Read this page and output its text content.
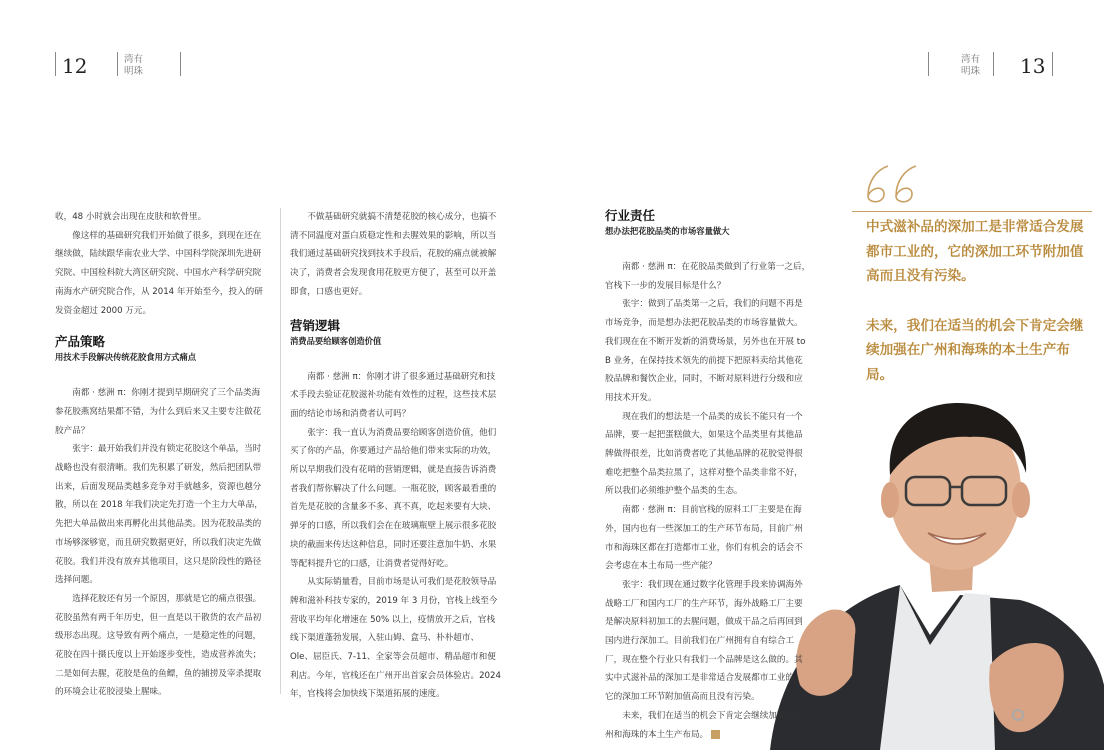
12	湾有
明珠
湾有
明珠 13

收，48 小时就会出现在皮肤和软骨里。

像这样的基础研究我们开始做了很多，到现在还在继续做，陆续跟华南农业大学、中国科学院深圳先进研究院、中国检科院大湾区研究院、中国水产科学研究院南海水产研究院合作，从 2014 年开始至今，投入的研发资金超过 2000 万元。

产品策略
用技术手段解决传统花胶食用方式痛点

南都 · 慈洲 π：你刚才提到早期研究了三个品类海参花胶燕窝结果都不错，为什么到后来又主要专注做花胶产品？

张宇：最开始我们并没有锁定花胶这个单品，当时战略也没有很清晰。我们先积累了研发，然后把团队带出来，后面发现品类越多竞争对手就越多，资源也越分散，所以在 2018 年我们决定先打造一个主力大单品，先把大单品做出来再孵化出其他品类。因为花胶品类的市场够深够宽，而且研究数据更好，所以我们决定先做花胶。我们并没有放弃其他项目，这只是阶段性的路径选择问题。

选择花胶还有另一个原因，那就是它的痛点很强。花胶虽然有两千年历史，但一直是以干散货的农产品初级形态出现。这导致有两个痛点，一是稳定性的问题，花胶在四十摄氏度以上开始逐步变性，造成营养流失；二是如何去腥，花胶是鱼的鱼鳔，鱼的捕捞及宰杀提取的环境会让花胶浸染上腥味。

不做基础研究就搞不清楚花胶的核心成分，也搞不清不同温度对蛋白质稳定性和去腥效果的影响，所以当我们通过基础研究找到技术手段后，花胶的痛点就被解决了，消费者会发现食用花胶更方便了，甚至可以开盖即食，口感也更好。

营销逻辑
消费品要给顾客创造价值

南都 · 慈洲 π：你刚才讲了很多通过基础研究和技术手段去验证花胶滋补功能有效性的过程，这些技术层面的结论市场和消费者认可吗？

张宇：我一直认为消费品要给顾客创造价值，他们买了你的产品，你要通过产品给他们带来实际的功效，所以早期我们没有花哨的营销逻辑，就是直接告诉消费者我们帮你解决了什么问题。一瓶花胶，顾客最看重的首先是花胶的含量多不多、真不真，吃起来要有大块、弹牙的口感，所以我们会在在玻璃瓶壁上展示很多花胶块的截面来传达这种信息，同时还要注意加牛奶、水果等配料提升它的口感，让消费者觉得好吃。

从实际销量看，目前市场是认可我们是花胶领导品牌和滋补科技专家的，2019 年 3 月份，官栈上线至今营收平均年化增速在 50% 以上，疫情放开之后，官栈线下渠道蓬勃发展，入驻山姆、盒马、朴朴超市、Ole、屈臣氏、7-11、全家等会员超市、精品超市和便利店。今年，官栈还在广州开出首家会员体验店。2024 年，官栈将会加快线下渠道拓展的速度。

行业责任
想办法把花胶品类的市场容量做大

南都 · 慈洲 π：在花胶品类做到了行业第一之后，官栈下一步的发展目标是什么？

张宇：做到了品类第一之后，我们的问题不再是市场竞争，而是想办法把花胶品类的市场容量做大。我们现在在不断开发新的消费场景，另外也在开展 to B 业务，在保持技术领先的前提下把原料卖给其他花胶品牌和餐饮企业，同时，不断对原料进行分级和应用技术开发。

现在我们的想法是一个品类的成长不能只有一个品牌，要一起把蛋糕做大，如果这个品类里有其他品牌做得很差，比如消费者吃了其他品牌的花胶觉得很难吃把整个品类拉黑了，这样对整个品类非常不好，所以我们必须维护整个品类的生态。

南都 · 慈洲 π：目前官栈的原料工厂主要是在海外，国内也有一些深加工的生产环节布局，目前广州市和海珠区都在打造都市工业，你们有机会的话会不会考虑在本土布局一些产能？

张宇：我们现在通过数字化管理手段来协调海外战略工厂和国内工厂的生产环节，海外战略工厂主要是解决原料初加工的去腥问题，做成干品之后再回到国内进行深加工。目前我们在广州拥有自有综合工厂，现在整个行业只有我们一个品牌是这么做的。其实中式滋补品的深加工是非常适合发展都市工业的，它的深加工环节附加值高而且没有污染。

未来，我们在适当的机会下肯定会继续加强在广州和海珠的本土生产布局。

中式滋补品的深加工是非常适合发展都市工业的，它的深加工环节附加值高而且没有污染。

未来，我们在适当的机会下肯定会继续加强在广州和海珠的本土生产布局。
